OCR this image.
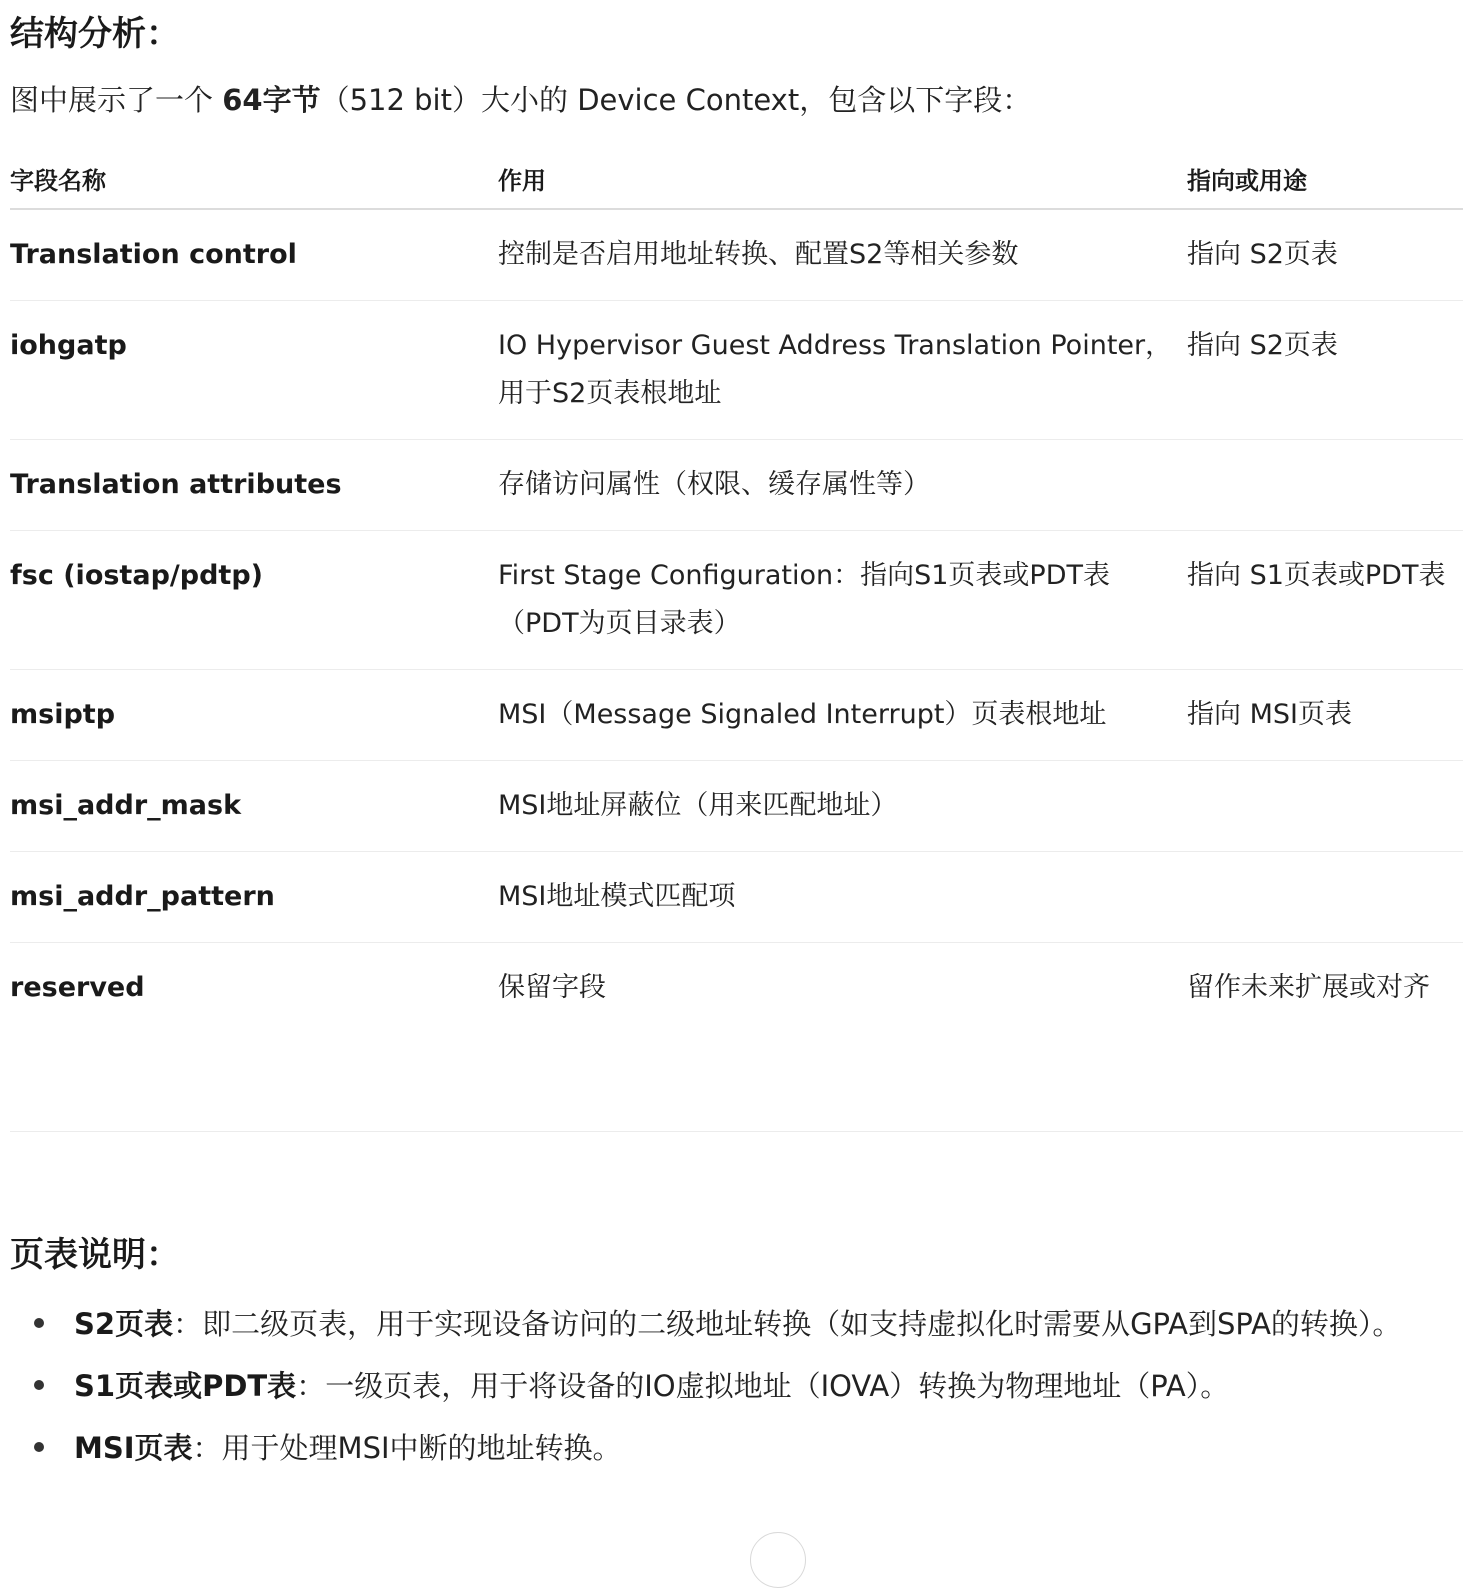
结构分析：
图中展示了一个 64字节（512 bit）大小的 Device Context，包含以下字段：
字段名称	作用	指向或用途
Translation control	控制是否启用地址转换、配置S2等相关参数	指向 S2页表
iohgatp	IO Hypervisor Guest Address Translation Pointer，用于S2页表根地址	指向 S2页表
Translation attributes	存储访问属性（权限、缓存属性等）	
fsc (iostap/pdtp)	First Stage Configuration：指向S1页表或PDT表（PDT为页目录表）	指向 S1页表或PDT表
msiptp	MSI（Message Signaled Interrupt）页表根地址	指向 MSI页表
msi_addr_mask	MSI地址屏蔽位（用来匹配地址）	
msi_addr_pattern	MSI地址模式匹配项	
reserved	保留字段	留作未来扩展或对齐
页表说明：
S2页表：即二级页表，用于实现设备访问的二级地址转换（如支持虚拟化时需要从GPA到SPA的转换）。
S1页表或PDT表：一级页表，用于将设备的IO虚拟地址（IOVA）转换为物理地址（PA）。
MSI页表：用于处理MSI中断的地址转换。
